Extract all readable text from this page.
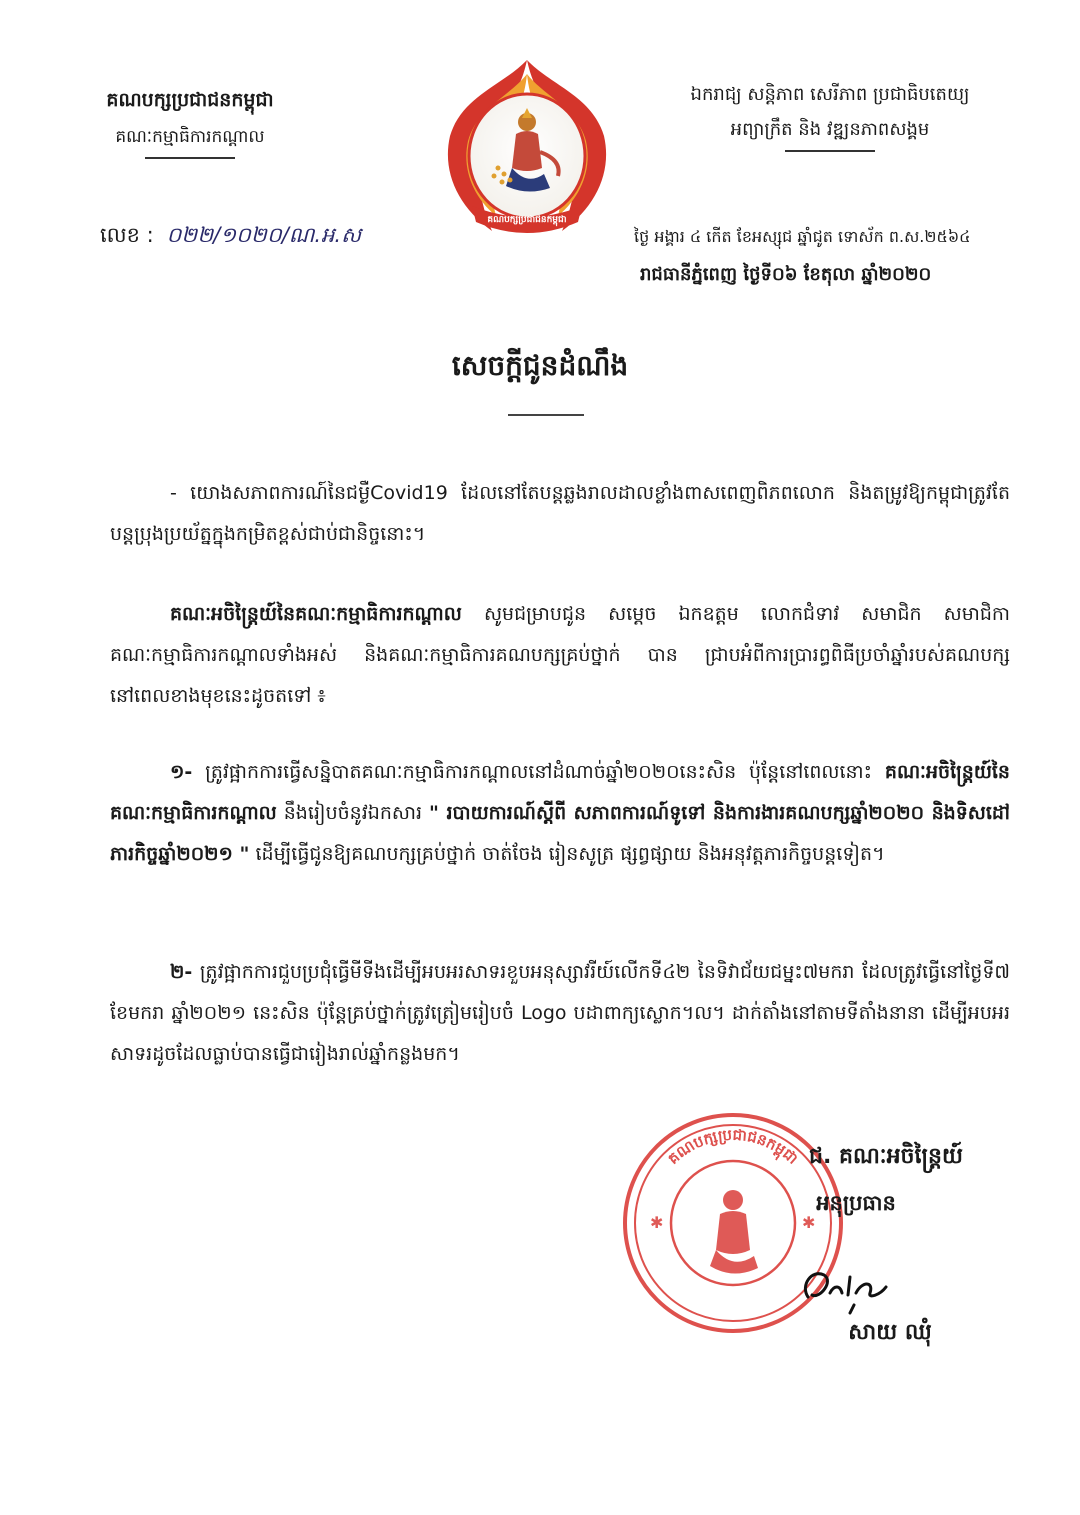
គណបក្សប្រជាជនកម្ពុជា
គណៈកម្មាធិការកណ្តាល
គណបក្សប្រជាជនកម្ពុជា
ឯករាជ្យ សន្តិភាព សេរីភាព ប្រជាធិបតេយ្យ
អព្យាក្រឹត និង វឌ្ឍនភាពសង្គម
លេខ : ០២២/១០២០/ណ.អ.ស	ថ្ងៃ អង្គារ ៤ កើត ខែអស្សុជ ឆ្នាំជូត ទោស័ក ព.ស.២៥៦៤
រាជធានីភ្នំពេញ ថ្ងៃទី០៦ ខែតុលា ឆ្នាំ២០២០
សេចក្តីជូនដំណឹង
- យោងសភាពការណ៍នៃជម្ងឺCovid19 ដែលនៅតែបន្តឆ្លងរាលដាលខ្លាំងពាសពេញពិភពលោក និងតម្រូវឱ្យកម្ពុជាត្រូវតែបន្តប្រុងប្រយ័ត្នក្នុងកម្រិតខ្ពស់ជាប់ជានិច្ចនោះ។
គណៈអចិន្ត្រៃយ៍នៃគណៈកម្មាធិការកណ្តាល សូមជម្រាបជូន សម្តេច ឯកឧត្តម លោកជំទាវ សមាជិក សមាជិកាគណៈកម្មាធិការកណ្តាលទាំងអស់ និងគណៈកម្មាធិការគណបក្សគ្រប់ថ្នាក់ បាន ជ្រាបអំពីការប្រារព្ធពិធីប្រចាំឆ្នាំរបស់គណបក្ស នៅពេលខាងមុខនេះដូចតទៅ ៖
១- ត្រូវផ្អាកការធ្វើសន្និបាតគណៈកម្មាធិការកណ្តាលនៅដំណាច់ឆ្នាំ២០២០នេះសិន ប៉ុន្តែនៅពេលនោះ គណៈអចិន្ត្រៃយ៍នៃគណៈកម្មាធិការកណ្តាល នឹងរៀបចំនូវឯកសារ " របាយការណ៍ស្តីពី សភាពការណ៍ទូទៅ និងការងារគណបក្សឆ្នាំ២០២០ និងទិសដៅភារកិច្ចឆ្នាំ២០២១ " ដើម្បីធ្វើជូនឱ្យគណបក្សគ្រប់ថ្នាក់ ចាត់ចែង រៀនសូត្រ ផ្សព្វផ្សាយ និងអនុវត្តភារកិច្ចបន្តទៀត។
២- ត្រូវផ្អាកការជួបប្រជុំធ្វើមីទីងដើម្បីអបអរសាទរខួបអនុស្សាវរីយ៍លើកទី៤២ នៃទិវាជ័យជម្នះ៧មករា ដែលត្រូវធ្វើនៅថ្ងៃទី៧ ខែមករា ឆ្នាំ២០២១ នេះសិន ប៉ុន្តែគ្រប់ថ្នាក់ត្រូវត្រៀមរៀបចំ Logo បដាពាក្យស្លោក។ល។ ដាក់តាំងនៅតាមទីតាំងនានា ដើម្បីអបអរសាទរដូចដែលធ្លាប់បានធ្វើជារៀងរាល់ឆ្នាំកន្លងមក។
គណបក្សប្រជាជនកម្ពុជា
✱	✱
ជ. គណៈអចិន្ត្រៃយ៍
អនុប្រធាន
សាយ ឈុំ
